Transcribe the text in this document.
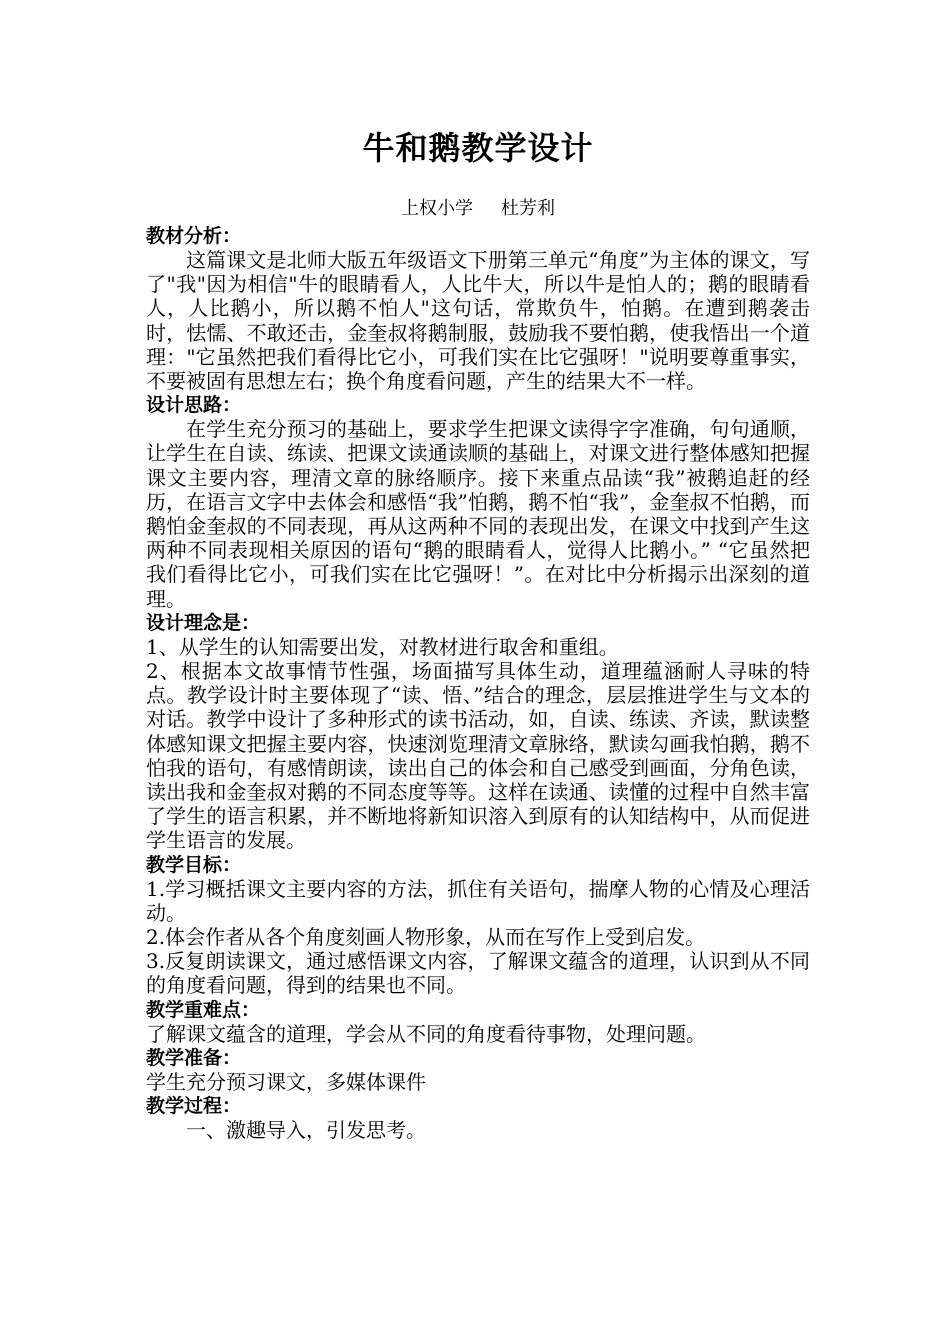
牛和鹅教学设计
上权小学 杜芳利

教材分析：

这篇课文是北师大版五年级语文下册第三单元“角度”为主体的课文，写了"我"因为相信"牛的眼睛看人，人比牛大，所以牛是怕人的；鹅的眼睛看人，人比鹅小，所以鹅不怕人"这句话，常欺负牛，怕鹅。在遭到鹅袭击时，怯懦、不敢还击，金奎叔将鹅制服，鼓励我不要怕鹅，使我悟出一个道理："它虽然把我们看得比它小，可我们实在比它强呀！"说明要尊重事实，不要被固有思想左右；换个角度看问题，产生的结果大不一样。

设计思路：

在学生充分预习的基础上，要求学生把课文读得字字准确，句句通顺，让学生在自读、练读、把课文读通读顺的基础上，对课文进行整体感知把握课文主要内容，理清文章的脉络顺序。接下来重点品读“我”被鹅追赶的经历，在语言文字中去体会和感悟“我”怕鹅，鹅不怕“我”，金奎叔不怕鹅，而鹅怕金奎叔的不同表现，再从这两种不同的表现出发，在课文中找到产生这两种不同表现相关原因的语句“鹅的眼睛看人，觉得人比鹅小。” “它虽然把我们看得比它小，可我们实在比它强呀！”。在对比中分析揭示出深刻的道理。

设计理念是：

1、从学生的认知需要出发，对教材进行取舍和重组。

2、根据本文故事情节性强，场面描写具体生动，道理蕴涵耐人寻味的特点。教学设计时主要体现了“读、悟、”结合的理念，层层推进学生与文本的对话。教学中设计了多种形式的读书活动，如，自读、练读、齐读，默读整体感知课文把握主要内容，快速浏览理清文章脉络，默读勾画我怕鹅，鹅不怕我的语句，有感情朗读，读出自己的体会和自己感受到画面，分角色读，读出我和金奎叔对鹅的不同态度等等。这样在读通、读懂的过程中自然丰富了学生的语言积累，并不断地将新知识溶入到原有的认知结构中，从而促进学生语言的发展。

教学目标：

1.学习概括课文主要内容的方法，抓住有关语句，揣摩人物的心情及心理活动。

2.体会作者从各个角度刻画人物形象，从而在写作上受到启发。

3.反复朗读课文，通过感悟课文内容，了解课文蕴含的道理，认识到从不同的角度看问题，得到的结果也不同。

教学重难点：

了解课文蕴含的道理，学会从不同的角度看待事物，处理问题。

教学准备：

学生充分预习课文，多媒体课件

教学过程：

一、激趣导入，引发思考。
